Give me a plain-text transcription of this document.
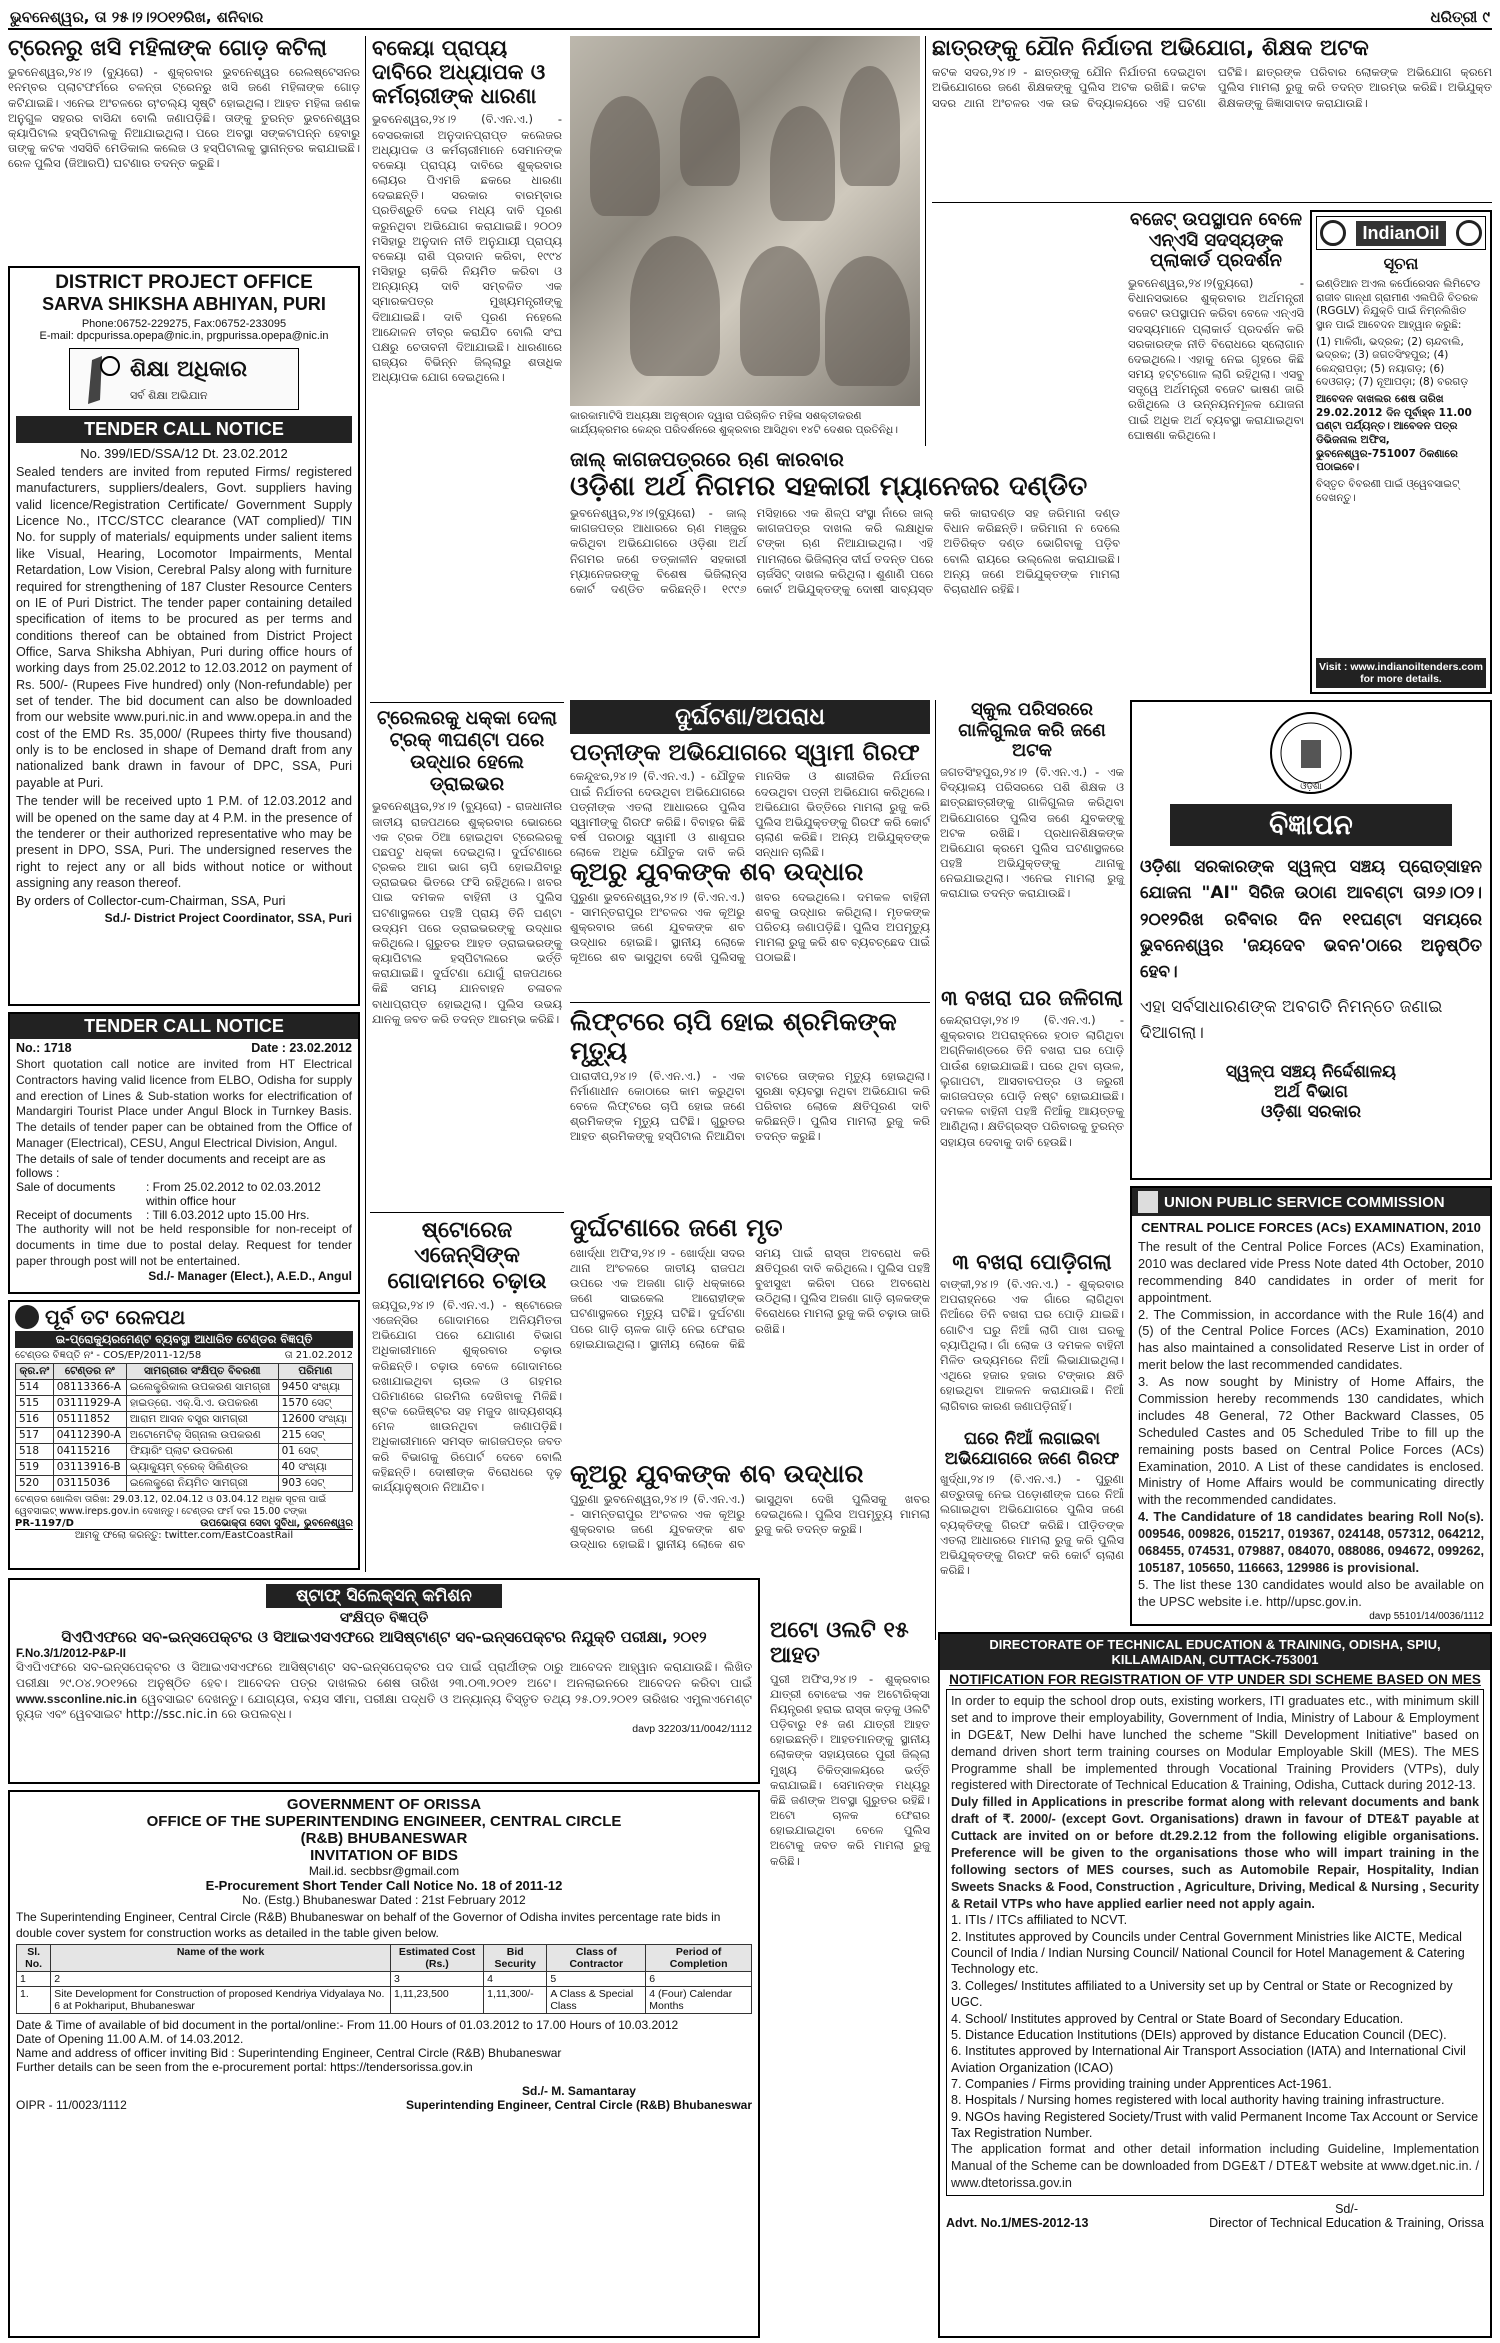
ଭୁବନେଶ୍ୱର, ତା ୨୫।୨।୨୦୧୨ରିଖ, ଶନିବାର	ଧରିତ୍ରୀ ୯
ଟ୍ରେନରୁ ଖସି ମହିଳାଙ୍କ ଗୋଡ଼ କଟିଲା
ଭୁବନେଶ୍ୱର,୨୪।୨ (ବ୍ୟୁରୋ) - ଶୁକ୍ରବାର ଭୁବନେଶ୍ୱର ରେଲଷ୍ଟେସନର ୧ନମ୍ବର ପ୍ଲାଟଫର୍ମରେ ଚଳନ୍ତା ଟ୍ରେନରୁ ଖସି ଜଣେ ମହିଳାଙ୍କ ଗୋଡ଼ କଟିଯାଇଛି। ଏନେଇ ଅଂଚଳରେ ଚାଂଚଲ୍ୟ ସୃଷ୍ଟି ହୋଇଥିଲା। ଆହତ ମହିଳା ଜଣକ ଅନୁଗୁଳ ସହରର ବାସିନ୍ଦା ବୋଲି ଜଣାପଡ଼ିଛି। ତାଙ୍କୁ ତୁରନ୍ତ ଭୁବନେଶ୍ୱର କ୍ୟାପିଟାଲ ହସ୍ପିଟାଲକୁ ନିଆଯାଇଥିଲା। ପରେ ଅବସ୍ଥା ସଙ୍କଟାପନ୍ନ ହେବାରୁ ତାଙ୍କୁ କଟକ ଏସସିବି ମେଡିକାଲ କଲେଜ ଓ ହସ୍ପିଟାଲକୁ ସ୍ଥାନାନ୍ତର କରାଯାଇଛି। ରେଳ ପୁଲିସ (ଜିଆରପି) ଘଟଣାର ତଦନ୍ତ କରୁଛି।
DISTRICT PROJECT OFFICE
SARVA SHIKSHA ABHIYAN, PURI
Phone:06752-229275, Fax:06752-233095
E-mail: dpcpurissa.opepa@nic.in, prgpurissa.opepa@nic.in
ଶିକ୍ଷା ଅଧିକାର
ସର୍ବ ଶିକ୍ଷା ଅଭିଯାନ
TENDER CALL NOTICE
No. 399/IED/SSA/12 Dt. 23.02.2012
Sealed tenders are invited from reputed Firms/ registered manufacturers, suppliers/dealers, Govt. suppliers having valid licence/Registration Certificate/ Government Supply Licence No., ITCC/STCC clearance (VAT complied)/ TIN No. for supply of materials/ equipments under salient items like Visual, Hearing, Locomotor Impairments, Mental Retardation, Low Vision, Cerebral Palsy along with furniture required for strengthening of 187 Cluster Resource Centers on IE of Puri District. The tender paper containing detailed specification of items to be procured as per terms and conditions thereof can be obtained from District Project Office, Sarva Shiksha Abhiyan, Puri during office hours of working days from 25.02.2012 to 12.03.2012 on payment of Rs. 500/- (Rupees Five hundred) only (Non-refundable) per set of tender. The bid document can also be downloaded from our website www.puri.nic.in and www.opepa.in and the cost of the EMD Rs. 35,000/ (Rupees thirty five thousand) only is to be enclosed in shape of Demand draft from any nationalized bank drawn in favour of DPC, SSA, Puri payable at Puri.
The tender will be received upto 1 P.M. of 12.03.2012 and will be opened on the same day at 4 P.M. in the presence of the tenderer or their authorized representative who may be present in DPO, SSA, Puri. The undersigned reserves the right to reject any or all bids without notice or without assigning any reason thereof.
By orders of Collector-cum-Chairman, SSA, Puri
Sd./- District Project Coordinator, SSA, Puri
TENDER CALL NOTICE
No.: 1718	Date : 23.02.2012
Short quotation call notice are invited from HT Electrical Contractors having valid licence from ELBO, Odisha for supply and erection of Lines & Sub-station works for electrification of Mandargiri Tourist Place under Angul Block in Turnkey Basis. The details of tender paper can be obtained from the Office of Manager (Electrical), CESU, Angul Electrical Division, Angul.
The details of sale of tender documents and receipt are as follows :
Sale of documents	: From 25.02.2012 to 02.03.2012 within office hour
Receipt of documents	: Till 6.03.2012 upto 15.00 Hrs.
The authority will not be held responsible for non-receipt of documents in time due to postal delay. Request for tender paper through post will not be entertained.
Sd./- Manager (Elect.), A.E.D., Angul
ପୂର୍ବ ତଟ ରେଳପଥ
ଇ-ପ୍ରୋକ୍ୟୁରମେଣ୍ଟ ବ୍ୟବସ୍ଥା ଆଧାରିତ ଟେଣ୍ଡର ବିଜ୍ଞପ୍ତି
ଟେଣ୍ଡର ବିଜ୍ଞପ୍ତି ନଂ - COS/EP/2011-12/58	ତା 21.02.2012
କ୍ର.ନଂ	ଟେଣ୍ଡର ନଂ	ସାମଗ୍ରୀର ସଂକ୍ଷିପ୍ତ ବିବରଣୀ	ପରିମାଣ
514	08113366-A	ଇଲେକ୍ଟ୍ରିକାଲ ଉପକରଣ ସାମଗ୍ରୀ	9450 ସଂଖ୍ୟା
515	03111929-A	ହାଇଡ୍ରୋ. ଏକ୍.ସି.ଏ. ଉପକରଣ	1570 ସେଟ୍
516	05111852	ଆରାମ ଆସନ ବସ୍ତ୍ର ସାମଗ୍ରୀ	12600 ସଂଖ୍ୟା
517	04112390-A	ଅଟୋମେଟିକ୍ ସିଗ୍ନାଲ ଉପକରଣ	215 ସେଟ୍
518	04115216	ଫିୟାରିଂ ପ୍ଲାଟ ଉପକରଣ	01 ସେଟ୍
519	03113916-B	ଭ୍ୟାକ୍ୟୁମ୍ ବ୍ରେକ୍ ସିଲିଣ୍ଡର	40 ସଂଖ୍ୟା
520	03115036	ଇଲେକ୍ଟ୍ରୋ ନିୟମିତ ସାମଗ୍ରୀ	903 ସେଟ୍
ଟେଣ୍ଡର ଖୋଲିବା ତାରିଖ: 29.03.12, 02.04.12 ଓ 03.04.12 ଅଧିକ ସୂଚନା ପାଇଁ ୱେବସାଇଟ୍ www.ireps.gov.in ଦେଖନ୍ତୁ। ଟେଣ୍ଡର ଫର୍ମ ଦର 15.00 ଟଙ୍କା
PR-1197/D	ଉପଭୋକ୍ତା ସେବା ସୁବିଧା, ଭୁବନେଶ୍ୱର
ଆମକୁ ଫଲୋ କରନ୍ତୁ: twitter.com/EastCoastRail
ଷ୍ଟାଫ୍ ସିଲେକ୍ସନ୍ କମିଶନ
ସଂକ୍ଷିପ୍ତ ବିଜ୍ଞପ୍ତି
ସିଏପିଏଫରେ ସବ-ଇନ୍ସପେକ୍ଟର ଓ ସିଆଇଏସଏଫରେ ଆସିଷ୍ଟାଣ୍ଟ ସବ-ଇନ୍ସପେକ୍ଟର ନିଯୁକ୍ତି ପରୀକ୍ଷା, ୨୦୧୨
F.No.3/1/2012-P&P-II
ସିଏପିଏଫରେ ସବ-ଇନ୍ସପେକ୍ଟର ଓ ସିଆଇଏସଏଫରେ ଆସିଷ୍ଟାଣ୍ଟ ସବ-ଇନ୍ସପେକ୍ଟର ପଦ ପାଇଁ ପ୍ରାର୍ଥୀଙ୍କ ଠାରୁ ଆବେଦନ ଆହ୍ୱାନ କରାଯାଉଛି। ଲିଖିତ ପରୀକ୍ଷା ୨୯.୦୪.୨୦୧୨ରେ ଅନୁଷ୍ଠିତ ହେବ। ଆବେଦନ ପତ୍ର ଦାଖଲର ଶେଷ ତାରିଖ ୨୩.୦୩.୨୦୧୨ ଅଟେ। ଅନଲାଇନରେ ଆବେଦନ କରିବା ପାଇଁ www.ssconline.nic.in ୱେବସାଇଟ ଦେଖନ୍ତୁ। ଯୋଗ୍ୟତା, ବୟସ ସୀମା, ପରୀକ୍ଷା ପଦ୍ଧତି ଓ ଅନ୍ୟାନ୍ୟ ବିସ୍ତୃତ ତଥ୍ୟ ୨୫.୦୨.୨୦୧୨ ତାରିଖର ଏମ୍ପ୍ଲଏମେଣ୍ଟ ନ୍ୟୁଜ ଏବଂ ୱେବସାଇଟ http://ssc.nic.in ରେ ଉପଲବ୍ଧ।
davp 32203/11/0042/1112
GOVERNMENT OF ORISSA
OFFICE OF THE SUPERINTENDING ENGINEER, CENTRAL CIRCLE
(R&B) BHUBANESWAR
INVITATION OF BIDS
Mail.id. secbbsr@gmail.com
E-Procurement Short Tender Call Notice No. 18 of 2011-12
No. (Estg.) Bhubaneswar Dated : 21st February 2012
The Superintending Engineer, Central Circle (R&B) Bhubaneswar on behalf of the Governor of Odisha invites percentage rate bids in double cover system for construction works as detailed in the table given below.
Sl. No.	Name of the work	Estimated Cost (Rs.)	Bid Security	Class of Contractor	Period of Completion
1	2	3	4	5	6
1.	Site Development for Construction of proposed Kendriya Vidyalaya No. 6 at Pokhariput, Bhubaneswar	1,11,23,500	1,11,300/-	A Class & Special Class	4 (Four) Calendar Months
Date & Time of available of bid document in the portal/online:- From 11.00 Hours of 01.03.2012 to 17.00 Hours of 10.03.2012
Date of Opening 11.00 A.M. of 14.03.2012.
Name and address of officer inviting Bid : Superintending Engineer, Central Circle (R&B) Bhubaneswar
Further details can be seen from the e-procurement portal: https://tendersorissa.gov.in
OIPR - 11/0023/1112
Sd./- M. Samantaray
Superintending Engineer, Central Circle (R&B) Bhubaneswar
ବକେୟା ପ୍ରାପ୍ୟ ଦାବିରେ ଅଧ୍ୟାପକ ଓ କର୍ମଚାରୀଙ୍କ ଧାରଣା
ଭୁବନେଶ୍ୱର,୨୪।୨ (ବି.ଏନ.ଏ.) - ବେସରକାରୀ ଅନୁଦାନପ୍ରାପ୍ତ କଲେଜର ଅଧ୍ୟାପକ ଓ କର୍ମଚାରୀମାନେ ସେମାନଙ୍କ ବକେୟା ପ୍ରାପ୍ୟ ଦାବିରେ ଶୁକ୍ରବାର ଲୋୟର ପିଏମଜି ଛକରେ ଧାରଣା ଦେଇଛନ୍ତି। ସରକାର ବାରମ୍ବାର ପ୍ରତିଶ୍ରୁତି ଦେଇ ମଧ୍ୟ ଦାବି ପୂରଣ କରୁନଥିବା ଅଭିଯୋଗ କରାଯାଇଛି। ୨୦୦୨ ମସିହାରୁ ଅନୁଦାନ ନୀତି ଅନୁଯାୟୀ ପ୍ରାପ୍ୟ ବକେୟା ରାଶି ପ୍ରଦାନ କରିବା, ୧୯୯୪ ମସିହାରୁ ଚାକିରି ନିୟମିତ କରିବା ଓ ଅନ୍ୟାନ୍ୟ ଦାବି ସମ୍ବଳିତ ଏକ ସ୍ମାରକପତ୍ର ମୁଖ୍ୟମନ୍ତ୍ରୀଙ୍କୁ ଦିଆଯାଇଛି। ଦାବି ପୂରଣ ନହେଲେ ଆନ୍ଦୋଳନ ତୀବ୍ର କରାଯିବ ବୋଲି ସଂଘ ପକ୍ଷରୁ ଚେତାବନୀ ଦିଆଯାଇଛି। ଧାରଣାରେ ରାଜ୍ୟର ବିଭିନ୍ନ ଜିଲ୍ଲାରୁ ଶତାଧିକ ଅଧ୍ୟାପକ ଯୋଗ ଦେଇଥିଲେ।
ଟ୍ରେଲରକୁ ଧକ୍କା ଦେଲା ଟ୍ରକ୍ ୩ଘଣ୍ଟା ପରେ ଉଦ୍ଧାର ହେଲେ ଡ୍ରାଇଭର
ଭୁବନେଶ୍ୱର,୨୪।୨ (ବ୍ୟୁରୋ) - ରାଜଧାନୀର ଜାତୀୟ ରାଜପଥରେ ଶୁକ୍ରବାର ଭୋରରେ ଏକ ଟ୍ରକ ଠିଆ ହୋଇଥିବା ଟ୍ରେଲରକୁ ପଛପଟୁ ଧକ୍କା ଦେଇଥିଲା। ଦୁର୍ଘଟଣାରେ ଟ୍ରକର ଆଗ ଭାଗ ଚାପି ହୋଇଯିବାରୁ ଡ୍ରାଇଭର ଭିତରେ ଫସି ରହିଥିଲେ। ଖବର ପାଇ ଦମକଳ ବାହିନୀ ଓ ପୁଲିସ ଘଟଣାସ୍ଥଳରେ ପହଞ୍ଚି ପ୍ରାୟ ତିନି ଘଣ୍ଟା ଉଦ୍ୟମ ପରେ ଡ୍ରାଇଭରଙ୍କୁ ଉଦ୍ଧାର କରିଥିଲେ। ଗୁରୁତର ଆହତ ଡ୍ରାଇଭରଙ୍କୁ କ୍ୟାପିଟାଲ ହସ୍ପିଟାଲରେ ଭର୍ତ୍ତି କରାଯାଇଛି। ଦୁର୍ଘଟଣା ଯୋଗୁଁ ରାଜପଥରେ କିଛି ସମୟ ଯାନବାହନ ଚଳାଚଳ ବାଧାପ୍ରାପ୍ତ ହୋଇଥିଲା। ପୁଲିସ ଉଭୟ ଯାନକୁ ଜବତ କରି ତଦନ୍ତ ଆରମ୍ଭ କରିଛି।
ଷ୍ଟୋରେଜ ଏଜେନ୍ସିଙ୍କ ଗୋଦାମରେ ଚଢ଼ାଉ
ଜୟପୁର,୨୪।୨ (ବି.ଏନ.ଏ.) - ଷ୍ଟୋରେଜ ଏଜେନ୍ସିର ଗୋଦାମରେ ଅନିୟମିତତା ଅଭିଯୋଗ ପରେ ଯୋଗାଣ ବିଭାଗ ଅଧିକାରୀମାନେ ଶୁକ୍ରବାର ଚଢ଼ାଉ କରିଛନ୍ତି। ଚଢ଼ାଉ ବେଳେ ଗୋଦାମରେ ରଖାଯାଇଥିବା ଚାଉଳ ଓ ଗହମର ପରିମାଣରେ ଗରମିଲ ଦେଖିବାକୁ ମିଳିଛି। ଷ୍ଟକ ରେଜିଷ୍ଟର ସହ ମଜୁଦ ଖାଦ୍ୟଶସ୍ୟ ମେଳ ଖାଉନଥିବା ଜଣାପଡ଼ିଛି। ଅଧିକାରୀମାନେ ସମସ୍ତ କାଗଜପତ୍ର ଜବତ କରି ବିଭାଗକୁ ରିପୋର୍ଟ ଦେବେ ବୋଲି କହିଛନ୍ତି। ଦୋଷୀଙ୍କ ବିରୋଧରେ ଦୃଢ଼ କାର୍ଯ୍ୟାନୁଷ୍ଠାନ ନିଆଯିବ।
କାରକାମାଟିସି ଅଧ୍ୟକ୍ଷା ଅନୁଷ୍ଠାନ ଦ୍ୱାରା ପରିଚାଳିତ ମହିଳା ସଶକ୍ତୀକରଣ କାର୍ଯ୍ୟକ୍ରମର କେନ୍ଦ୍ର ପରିଦର୍ଶନରେ ଶୁକ୍ରବାର ଆସିଥିବା ୧୪ଟି ଦେଶର ପ୍ରତିନିଧି।
ଜାଲ୍ କାଗଜପତ୍ରରେ ଋଣ କାରବାର
ଓଡ଼ିଶା ଅର୍ଥ ନିଗମର ସହକାରୀ ମ୍ୟାନେଜର ଦଣ୍ଡିତ
ଭୁବନେଶ୍ୱର,୨୪।୨(ବ୍ୟୁରୋ) - ଜାଲ୍ କାଗଜପତ୍ର ଆଧାରରେ ଋଣ ମଞ୍ଜୁର କରିଥିବା ଅଭିଯୋଗରେ ଓଡ଼ିଶା ଅର୍ଥ ନିଗମର ଜଣେ ତତ୍କାଳୀନ ସହକାରୀ ମ୍ୟାନେଜରଙ୍କୁ ବିଶେଷ ଭିଜିଲାନ୍ସ କୋର୍ଟ ଦଣ୍ଡିତ କରିଛନ୍ତି। ୧୯୯୬ ମସିହାରେ ଏକ ଶିଳ୍ପ ସଂସ୍ଥା ନାଁରେ ଜାଲ୍ କାଗଜପତ୍ର ଦାଖଲ କରି ଲକ୍ଷାଧିକ ଟଙ୍କା ଋଣ ନିଆଯାଇଥିଲା। ଏହି ମାମଲାରେ ଭିଜିଲାନ୍ସ ଦୀର୍ଘ ତଦନ୍ତ ପରେ ଚାର୍ଜସିଟ୍ ଦାଖଲ କରିଥିଲା। ଶୁଣାଣି ପରେ କୋର୍ଟ ଅଭିଯୁକ୍ତଙ୍କୁ ଦୋଷୀ ସାବ୍ୟସ୍ତ କରି କାରାଦଣ୍ଡ ସହ ଜରିମାନା ଦଣ୍ଡ ବିଧାନ କରିଛନ୍ତି। ଜରିମାନା ନ ଦେଲେ ଅତିରିକ୍ତ ଦଣ୍ଡ ଭୋଗିବାକୁ ପଡ଼ିବ ବୋଲି ରାୟରେ ଉଲ୍ଲେଖ କରାଯାଇଛି। ଅନ୍ୟ ଜଣେ ଅଭିଯୁକ୍ତଙ୍କ ମାମଲା ବିଚାରାଧୀନ ରହିଛି।
ଦୁର୍ଘଟଣା/ଅପରାଧ
ପତ୍ନୀଙ୍କ ଅଭିଯୋଗରେ ସ୍ୱାମୀ ଗିରଫ
କେନ୍ଦୁଝର,୨୪।୨ (ବି.ଏନ.ଏ.) - ଯୌତୁକ ପାଇଁ ନିର୍ଯାତନା ଦେଉଥିବା ଅଭିଯୋଗରେ ପତ୍ନୀଙ୍କ ଏତଲା ଆଧାରରେ ପୁଲିସ ସ୍ୱାମୀଙ୍କୁ ଗିରଫ କରିଛି। ବିବାହର କିଛି ବର୍ଷ ପରଠାରୁ ସ୍ୱାମୀ ଓ ଶାଶୂଘର ଲୋକେ ଅଧିକ ଯୌତୁକ ଦାବି କରି ମାନସିକ ଓ ଶାରୀରିକ ନିର୍ଯାତନା ଦେଉଥିବା ପତ୍ନୀ ଅଭିଯୋଗ କରିଥିଲେ। ଅଭିଯୋଗ ଭିତ୍ତିରେ ମାମଲା ରୁଜୁ କରି ପୁଲିସ ଅଭିଯୁକ୍ତଙ୍କୁ ଗିରଫ କରି କୋର୍ଟ ଚାଲାଣ କରିଛି। ଅନ୍ୟ ଅଭିଯୁକ୍ତଙ୍କ ସନ୍ଧାନ ଚାଲିଛି।
କୂଅରୁ ଯୁବକଙ୍କ ଶବ ଉଦ୍ଧାର
ପୁରୁଣା ଭୁବନେଶ୍ୱର,୨୪।୨ (ବି.ଏନ.ଏ.) - ସାମନ୍ତରାପୁର ଅଂଚଳର ଏକ କୂଅରୁ ଶୁକ୍ରବାର ଜଣେ ଯୁବକଙ୍କ ଶବ ଉଦ୍ଧାର ହୋଇଛି। ସ୍ଥାନୀୟ ଲୋକେ କୂଅରେ ଶବ ଭାସୁଥିବା ଦେଖି ପୁଲିସକୁ ଖବର ଦେଇଥିଲେ। ଦମକଳ ବାହିନୀ ଶବକୁ ଉଦ୍ଧାର କରିଥିଲା। ମୃତକଙ୍କ ପରିଚୟ ଜଣାପଡ଼ିଛି। ପୁଲିସ ଅପମୃତ୍ୟୁ ମାମଲା ରୁଜୁ କରି ଶବ ବ୍ୟବଚ୍ଛେଦ ପାଇଁ ପଠାଇଛି।
ଲିଫ୍ଟରେ ଚାପି ହୋଇ ଶ୍ରମିକଙ୍କ ମୃତ୍ୟୁ
ପାରାଦୀପ,୨୪।୨ (ବି.ଏନ.ଏ.) - ଏକ ନିର୍ମାଣାଧୀନ କୋଠାରେ କାମ କରୁଥିବା ବେଳେ ଲିଫ୍ଟରେ ଚାପି ହୋଇ ଜଣେ ଶ୍ରମିକଙ୍କ ମୃତ୍ୟୁ ଘଟିଛି। ଗୁରୁତର ଆହତ ଶ୍ରମିକଙ୍କୁ ହସ୍ପିଟାଲ ନିଆଯିବା ବାଟରେ ତାଙ୍କର ମୃତ୍ୟୁ ହୋଇଥିଲା। ସୁରକ୍ଷା ବ୍ୟବସ୍ଥା ନଥିବା ଅଭିଯୋଗ କରି ପରିବାର ଲୋକେ କ୍ଷତିପୂରଣ ଦାବି କରିଛନ୍ତି। ପୁଲିସ ମାମଲା ରୁଜୁ କରି ତଦନ୍ତ କରୁଛି।
ଦୁର୍ଘଟଣାରେ ଜଣେ ମୃତ
ଖୋର୍ଦ୍ଧା ଅଫିସ,୨୪।୨ - ଖୋର୍ଦ୍ଧା ସଦର ଥାନା ଅଂଚଳରେ ଜାତୀୟ ରାଜପଥ ଉପରେ ଏକ ଅଜଣା ଗାଡ଼ି ଧକ୍କାରେ ଜଣେ ସାଇକେଲ ଆରୋହୀଙ୍କ ଘଟଣାସ୍ଥଳରେ ମୃତ୍ୟୁ ଘଟିଛି। ଦୁର୍ଘଟଣା ପରେ ଗାଡ଼ି ଚାଳକ ଗାଡ଼ି ନେଇ ଫେରାର ହୋଇଯାଇଥିଲା। ସ୍ଥାନୀୟ ଲୋକେ କିଛି ସମୟ ପାଇଁ ରାସ୍ତା ଅବରୋଧ କରି କ୍ଷତିପୂରଣ ଦାବି କରିଥିଲେ। ପୁଲିସ ପହଞ୍ଚି ବୁଝାସୁଝା କରିବା ପରେ ଅବରୋଧ ଉଠିଥିଲା। ପୁଲିସ ଅଜଣା ଗାଡ଼ି ଚାଳକଙ୍କ ବିରୋଧରେ ମାମଲା ରୁଜୁ କରି ଚଢ଼ାଉ ଜାରି ରଖିଛି।
କୂଅରୁ ଯୁବକଙ୍କ ଶବ ଉଦ୍ଧାର
ପୁରୁଣା ଭୁବନେଶ୍ୱର,୨୪।୨ (ବି.ଏନ.ଏ.) - ସାମନ୍ତରାପୁର ଅଂଚଳର ଏକ କୂଅରୁ ଶୁକ୍ରବାର ଜଣେ ଯୁବକଙ୍କ ଶବ ଉଦ୍ଧାର ହୋଇଛି। ସ୍ଥାନୀୟ ଲୋକେ ଶବ ଭାସୁଥିବା ଦେଖି ପୁଲିସକୁ ଖବର ଦେଇଥିଲେ। ପୁଲିସ ଅପମୃତ୍ୟୁ ମାମଲା ରୁଜୁ କରି ତଦନ୍ତ କରୁଛି।
ଅଟୋ ଓଲଟି ୧୫ ଆହତ
ପୁରୀ ଅଫିସ,୨୪।୨ - ଶୁକ୍ରବାର ଯାତ୍ରୀ ବୋଝେଇ ଏକ ଅଟୋରିକ୍ସା ନିୟନ୍ତ୍ରଣ ହରାଇ ରାସ୍ତା କଡ଼କୁ ଓଲଟି ପଡ଼ିବାରୁ ୧୫ ଜଣ ଯାତ୍ରୀ ଆହତ ହୋଇଛନ୍ତି। ଆହତମାନଙ୍କୁ ସ୍ଥାନୀୟ ଲୋକଙ୍କ ସହାୟତାରେ ପୁରୀ ଜିଲ୍ଲା ମୁଖ୍ୟ ଚିକିତ୍ସାଳୟରେ ଭର୍ତ୍ତି କରାଯାଇଛି। ସେମାନଙ୍କ ମଧ୍ୟରୁ କିଛି ଜଣଙ୍କ ଅବସ୍ଥା ଗୁରୁତର ରହିଛି। ଅଟୋ ଚାଳକ ଫେରାର ହୋଇଯାଇଥିବା ବେଳେ ପୁଲିସ ଅଟୋକୁ ଜବତ କରି ମାମଲା ରୁଜୁ କରିଛି।
ସ୍କୁଲ ପରିସରରେ ଗାଳିଗୁଲଜ କରି ଜଣେ ଅଟକ
ଜଗତସିଂହପୁର,୨୪।୨ (ବି.ଏନ.ଏ.) - ଏକ ବିଦ୍ୟାଳୟ ପରିସରରେ ପଶି ଶିକ୍ଷକ ଓ ଛାତ୍ରଛାତ୍ରୀଙ୍କୁ ଗାଳିଗୁଲଜ କରିଥିବା ଅଭିଯୋଗରେ ପୁଲିସ ଜଣେ ଯୁବକଙ୍କୁ ଅଟକ ରଖିଛି। ପ୍ରଧାନଶିକ୍ଷକଙ୍କ ଅଭିଯୋଗ କ୍ରମେ ପୁଲିସ ଘଟଣାସ୍ଥଳରେ ପହଞ୍ଚି ଅଭିଯୁକ୍ତଙ୍କୁ ଥାନାକୁ ନେଇଯାଇଥିଲା। ଏନେଇ ମାମଲା ରୁଜୁ କରାଯାଇ ତଦନ୍ତ କରାଯାଉଛି।
୩ ବଖରା ଘର ଜଳିଗଲା
କେନ୍ଦ୍ରାପଡ଼ା,୨୪।୨ (ବି.ଏନ.ଏ.) - ଶୁକ୍ରବାର ଅପରାହ୍ନରେ ହଠାତ ଲାଗିଥିବା ଅଗ୍ନିକାଣ୍ଡରେ ତିନି ବଖରା ଘର ପୋଡ଼ି ପାଉଁଶ ହୋଇଯାଇଛି। ଘରେ ଥିବା ଚାଉଳ, ଲୁଗାପଟା, ଆସବାବପତ୍ର ଓ ଜରୁରୀ କାଗଜପତ୍ର ପୋଡ଼ି ନଷ୍ଟ ହୋଇଯାଇଛି। ଦମକଳ ବାହିନୀ ପହଞ୍ଚି ନିଆଁକୁ ଆୟତ୍ତକୁ ଆଣିଥିଲା। କ୍ଷତିଗ୍ରସ୍ତ ପରିବାରକୁ ତୁରନ୍ତ ସହାୟତା ଦେବାକୁ ଦାବି ହେଉଛି।
୩ ବଖରା ପୋଡ଼ିଗଲା
ବାଙ୍କୀ,୨୪।୨ (ବି.ଏନ.ଏ.) - ଶୁକ୍ରବାର ଅପରାହ୍ନରେ ଏକ ଗାଁରେ ଲାଗିଥିବା ନିଆଁରେ ତିନି ବଖରା ଘର ପୋଡ଼ି ଯାଇଛି। ଗୋଟିଏ ଘରୁ ନିଆଁ ଲାଗି ପାଖ ଘରକୁ ବ୍ୟାପିଥିଲା। ଗାଁ ଲୋକ ଓ ଦମକଳ ବାହିନୀ ମିଳିତ ଉଦ୍ୟମରେ ନିଆଁ ଲିଭାଯାଇଥିଲା। ଏଥିରେ ହଜାର ହଜାର ଟଙ୍କାର କ୍ଷତି ହୋଇଥିବା ଆକଳନ କରାଯାଉଛି। ନିଆଁ ଲାଗିବାର କାରଣ ଜଣାପଡ଼ିନାହିଁ।
ଘରେ ନିଆଁ ଲଗାଇବା ଅଭିଯୋଗରେ ଜଣେ ଗିରଫ
ଖୁର୍ଦ୍ଧା,୨୪।୨ (ବି.ଏନ.ଏ.) - ପୁରୁଣା ଶତ୍ରୁତାକୁ ନେଇ ପଡ଼ୋଶୀଙ୍କ ଘରେ ନିଆଁ ଲଗାଇଥିବା ଅଭିଯୋଗରେ ପୁଲିସ ଜଣେ ବ୍ୟକ୍ତିଙ୍କୁ ଗିରଫ କରିଛି। ପୀଡ଼ିତଙ୍କ ଏତଲା ଆଧାରରେ ମାମଲା ରୁଜୁ କରି ପୁଲିସ ଅଭିଯୁକ୍ତଙ୍କୁ ଗିରଫ କରି କୋର୍ଟ ଚାଲାଣ କରିଛି।
ଛାତ୍ରଙ୍କୁ ଯୌନ ନିର୍ଯାତନା ଅଭିଯୋଗ, ଶିକ୍ଷକ ଅଟକ
କଟକ ସଦର,୨୪।୨ - ଛାତ୍ରଙ୍କୁ ଯୌନ ନିର୍ଯାତନା ଦେଇଥିବା ଅଭିଯୋଗରେ ଜଣେ ଶିକ୍ଷକଙ୍କୁ ପୁଲିସ ଅଟକ ରଖିଛି। କଟକ ସଦର ଥାନା ଅଂଚଳର ଏକ ଉଚ୍ଚ ବିଦ୍ୟାଳୟରେ ଏହି ଘଟଣା ଘଟିଛି। ଛାତ୍ରଙ୍କ ପରିବାର ଲୋକଙ୍କ ଅଭିଯୋଗ କ୍ରମେ ପୁଲିସ ମାମଲା ରୁଜୁ କରି ତଦନ୍ତ ଆରମ୍ଭ କରିଛି। ଅଭିଯୁକ୍ତ ଶିକ୍ଷକଙ୍କୁ ଜିଜ୍ଞାସାବାଦ କରାଯାଉଛି।
ବଜେଟ୍ ଉପସ୍ଥାପନ ବେଳେ ଏନ୍ଏସି ସଦସ୍ୟଙ୍କ ପ୍ଲାକାର୍ଡ ପ୍ରଦର୍ଶନ
ଭୁବନେଶ୍ୱର,୨୪।୨(ବ୍ୟୁରୋ) - ବିଧାନସଭାରେ ଶୁକ୍ରବାର ଅର୍ଥମନ୍ତ୍ରୀ ବଜେଟ ଉପସ୍ଥାପନ କରିବା ବେଳେ ଏନ୍ଏସି ସଦସ୍ୟମାନେ ପ୍ଲାକାର୍ଡ ପ୍ରଦର୍ଶନ କରି ସରକାରଙ୍କ ନୀତି ବିରୋଧରେ ସ୍ଲୋଗାନ ଦେଇଥିଲେ। ଏହାକୁ ନେଇ ଗୃହରେ କିଛି ସମୟ ହଟ୍ଟଗୋଳ ଲାଗି ରହିଥିଲା। ଏସବୁ ସତ୍ତ୍ୱେ ଅର୍ଥମନ୍ତ୍ରୀ ବଜେଟ ଭାଷଣ ଜାରି ରଖିଥିଲେ ଓ ଉନ୍ନୟନମୂଳକ ଯୋଜନା ପାଇଁ ଅଧିକ ଅର୍ଥ ବ୍ୟବସ୍ଥା କରାଯାଇଥିବା ଘୋଷଣା କରିଥିଲେ।
IndianOil
ସୂଚନା
ଇଣ୍ଡିଆନ ଅଏଲ କର୍ପୋରେସନ ଲିମିଟେଡ ରାଜୀବ ଗାନ୍ଧୀ ଗ୍ରାମୀଣ ଏଲପିଜି ବିତରକ (RGGLV) ନିଯୁକ୍ତି ପାଇଁ ନିମ୍ନଲିଖିତ ସ୍ଥାନ ପାଇଁ ଆବେଦନ ଆହ୍ୱାନ କରୁଛି:
(1) ମାଳିଗାଁ, ଭଦ୍ରକ; (2) ଚାନ୍ଦବାଲି, ଭଦ୍ରକ; (3) ଜଗତସିଂହପୁର; (4) କେନ୍ଦ୍ରାପଡ଼ା; (5) ନୟାଗଡ଼; (6) ଦେଓଗଡ଼; (7) ନୂଆପଡ଼ା; (8) ବରଗଡ଼
ଆବେଦନ ଦାଖଲର ଶେଷ ତାରିଖ 29.02.2012 ଦିନ ପୂର୍ବାହ୍ନ 11.00 ଘଣ୍ଟା ପର୍ଯ୍ୟନ୍ତ। ଆବେଦନ ପତ୍ର ଡିଭିଜନାଲ ଅଫିସ, ଭୁବନେଶ୍ୱର-751007 ଠିକଣାରେ ପଠାଇବେ।
ବିସ୍ତୃତ ବିବରଣୀ ପାଇଁ ଓ୍ୱେବସାଇଟ୍ ଦେଖନ୍ତୁ।
Visit : www.indianoiltenders.com for more details.
ଓଡ଼ିଶା
ବିଜ୍ଞାପନ
ଓଡ଼ିଶା ସରକାରଙ୍କ ସ୍ୱଳ୍ପ ସଞ୍ଚୟ ପ୍ରୋତ୍ସାହନ ଯୋଜନା "AI" ସିରିଜ ଉଠାଣ ଆବଣ୍ଟା ତା୨୬।୦୨।୨୦୧୨ରିଖ ରବିବାର ଦିନ ୧୧ଘଣ୍ଟା ସମୟରେ ଭୁବନେଶ୍ୱର 'ଜୟଦେବ ଭବନ'ଠାରେ ଅନୁଷ୍ଠିତ ହେବ।
ଏହା ସର୍ବସାଧାରଣଙ୍କ ଅବଗତି ନିମନ୍ତେ ଜଣାଇ ଦିଆଗଲା।
ସ୍ୱଳ୍ପ ସଞ୍ଚୟ ନିର୍ଦ୍ଦେଶାଳୟ
ଅର୍ଥ ବିଭାଗ
ଓଡ଼ିଶା ସରକାର
UNION PUBLIC SERVICE COMMISSION
CENTRAL POLICE FORCES (ACs) EXAMINATION, 2010
The result of the Central Police Forces (ACs) Examination, 2010 was declared vide Press Note dated 4th October, 2010 recommending 840 candidates in order of merit for appointment.
2. The Commission, in accordance with the Rule 16(4) and (5) of the Central Police Forces (ACs) Examination, 2010 has also maintained a consolidated Reserve List in order of merit below the last recommended candidates.
3. As now sought by Ministry of Home Affairs, the Commission hereby recommends 130 candidates, which includes 48 General, 72 Other Backward Classes, 05 Scheduled Castes and 05 Scheduled Tribe to fill up the remaining posts based on Central Police Forces (ACs) Examination, 2010. A List of these candidates is enclosed. Ministry of Home Affairs would be communicating directly with the recommended candidates.
4. The Candidature of 18 candidates bearing Roll No(s). 009546, 009826, 015217, 019367, 024148, 057312, 064212, 068455, 074531, 079887, 084070, 088086, 094672, 099262, 105187, 105650, 116663, 129986 is provisional.
5. The list these 130 candidates would also be available on the UPSC website i.e. http//upsc.gov.in.
davp 55101/14/0036/1112
DIRECTORATE OF TECHNICAL EDUCATION & TRAINING, ODISHA, SPIU, KILLAMAIDAN, CUTTACK-753001
NOTIFICATION FOR REGISTRATION OF VTP UNDER SDI SCHEME BASED ON MES
In order to equip the school drop outs, existing workers, ITI graduates etc., with minimum skill set and to improve their employability, Government of India, Ministry of Labour & Employment in DGE&T, New Delhi have lunched the scheme "Skill Development Initiative" based on demand driven short term training courses on Modular Employable Skill (MES). The MES Programme shall be implemented through Vocational Training Providers (VTPs), duly registered with Directorate of Technical Education & Training, Odisha, Cuttack during 2012-13.
Duly filled in Applications in prescribe format along with relevant documents and bank draft of ₹. 2000/- (except Govt. Organisations) drawn in favour of DTE&T payable at Cuttack are invited on or before dt.29.2.12 from the following eligible organisations. Preference will be given to the organisations those who will impart training in the following sectors of MES courses, such as Automobile Repair, Hospitality, Indian Sweets Snacks & Food, Construction , Agriculture, Driving, Medical & Nursing , Security & Retail VTPs who have applied earlier need not apply again.
1. ITIs / ITCs affiliated to NCVT.
2. Institutes approved by Councils under Central Government Ministries like AICTE, Medical Council of India / Indian Nursing Council/ National Council for Hotel Management & Catering Technology etc.
3. Colleges/ Institutes affiliated to a University set up by Central or State or Recognized by UGC.
4. School/ Institutes approved by Central or State Board of Secondary Education.
5. Distance Education Institutions (DEIs) approved by distance Education Council (DEC).
6. Institutes approved by International Air Transport Association (IATA) and International Civil Aviation Organization (ICAO)
7. Companies / Firms providing training under Apprentices Act-1961.
8. Hospitals / Nursing homes registered with local authority having training infrastructure.
9. NGOs having Registered Society/Trust with valid Permanent Income Tax Account or Service Tax Registration Number.
The application format and other detail information including Guideline, Implementation Manual of the Scheme can be downloaded from DGE&T / DTE&T website at www.dget.nic.in. / www.dtetorissa.gov.in
Advt. No.1/MES-2012-13
Sd/-
Director of Technical Education & Training, Orissa
